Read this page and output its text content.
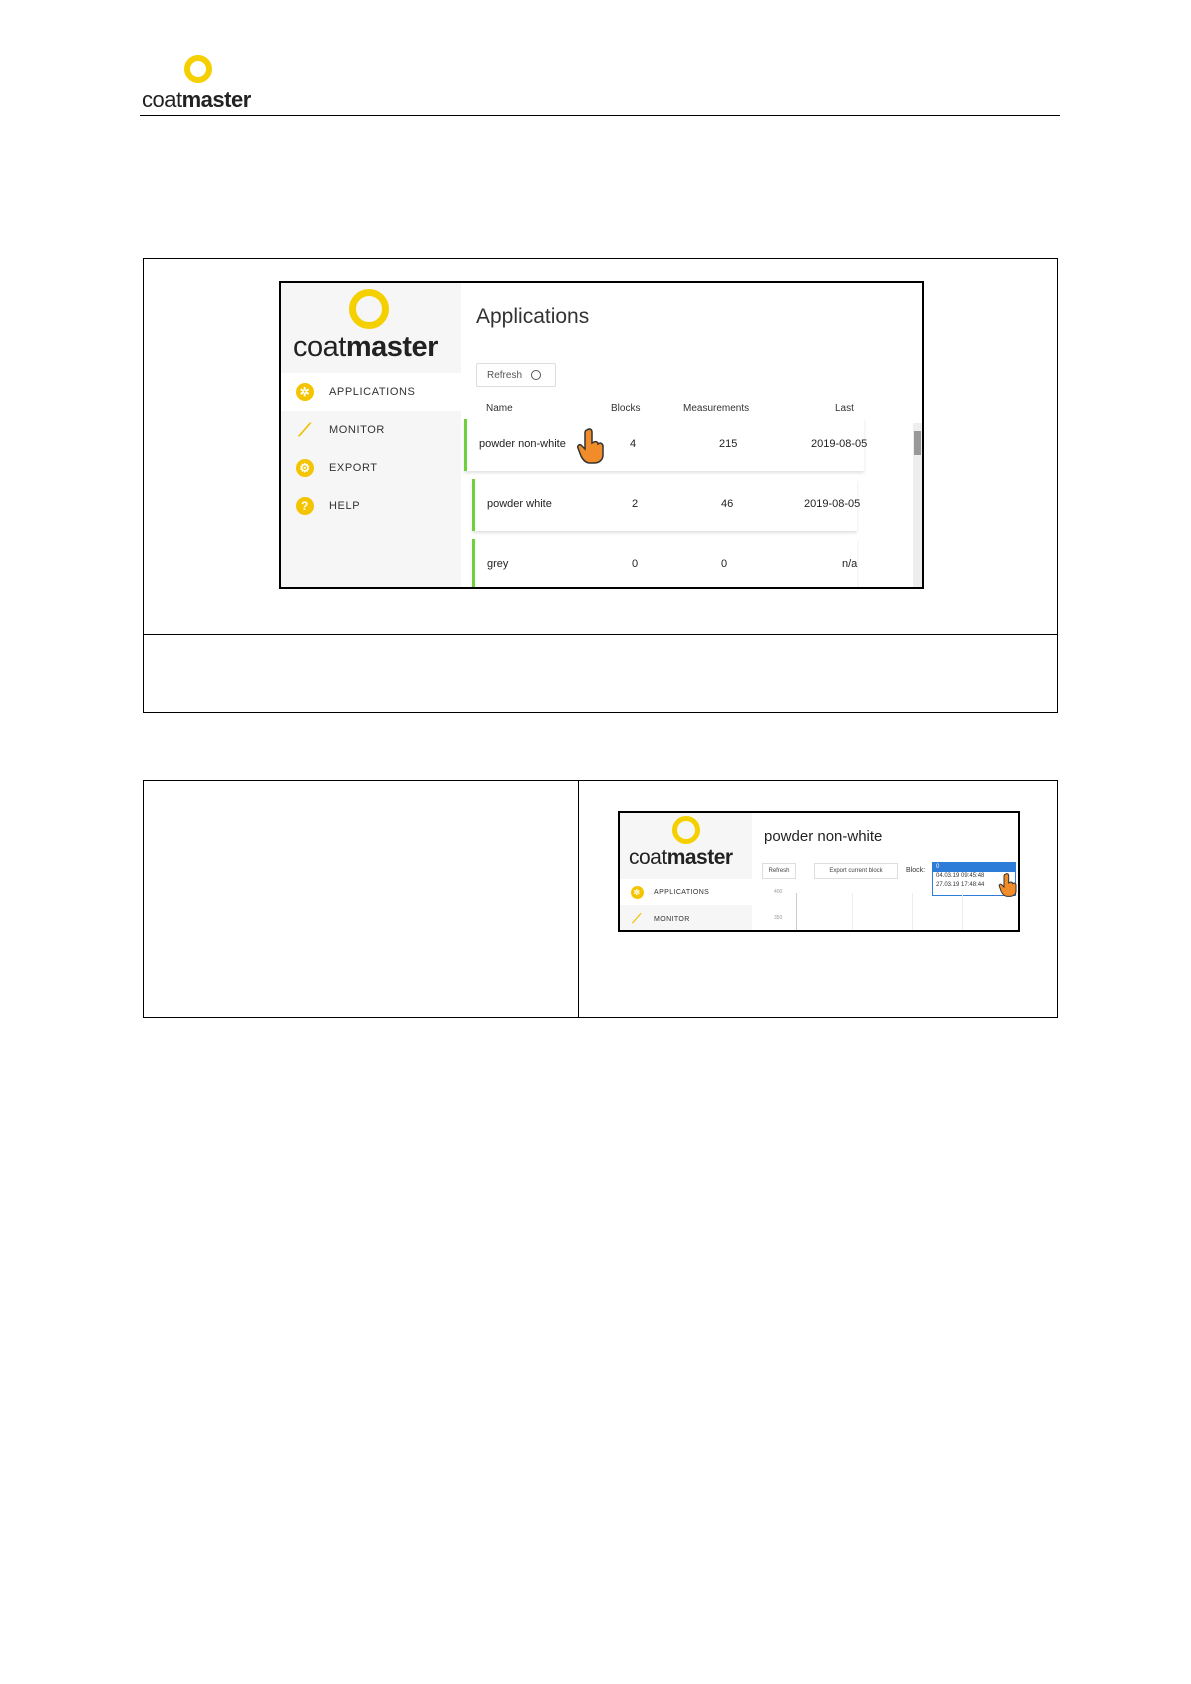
coatmaster
coatmaster
✲	APPLICATIONS
⟋ MONITOR
⚙	EXPORT
?	HELP
Applications
Refresh
Name	Blocks	Measurements	Last
powder non-white	4	215	2019-08-05
powder white	2	46	2019-08-05
grey	0	0	n/a
coatmaster
✲	APPLICATIONS
⟋ MONITOR
powder non-white
Refresh	Export current block	Block:	0
04.03.19 09:45:48
27.03.19 17:48:44
400
350
